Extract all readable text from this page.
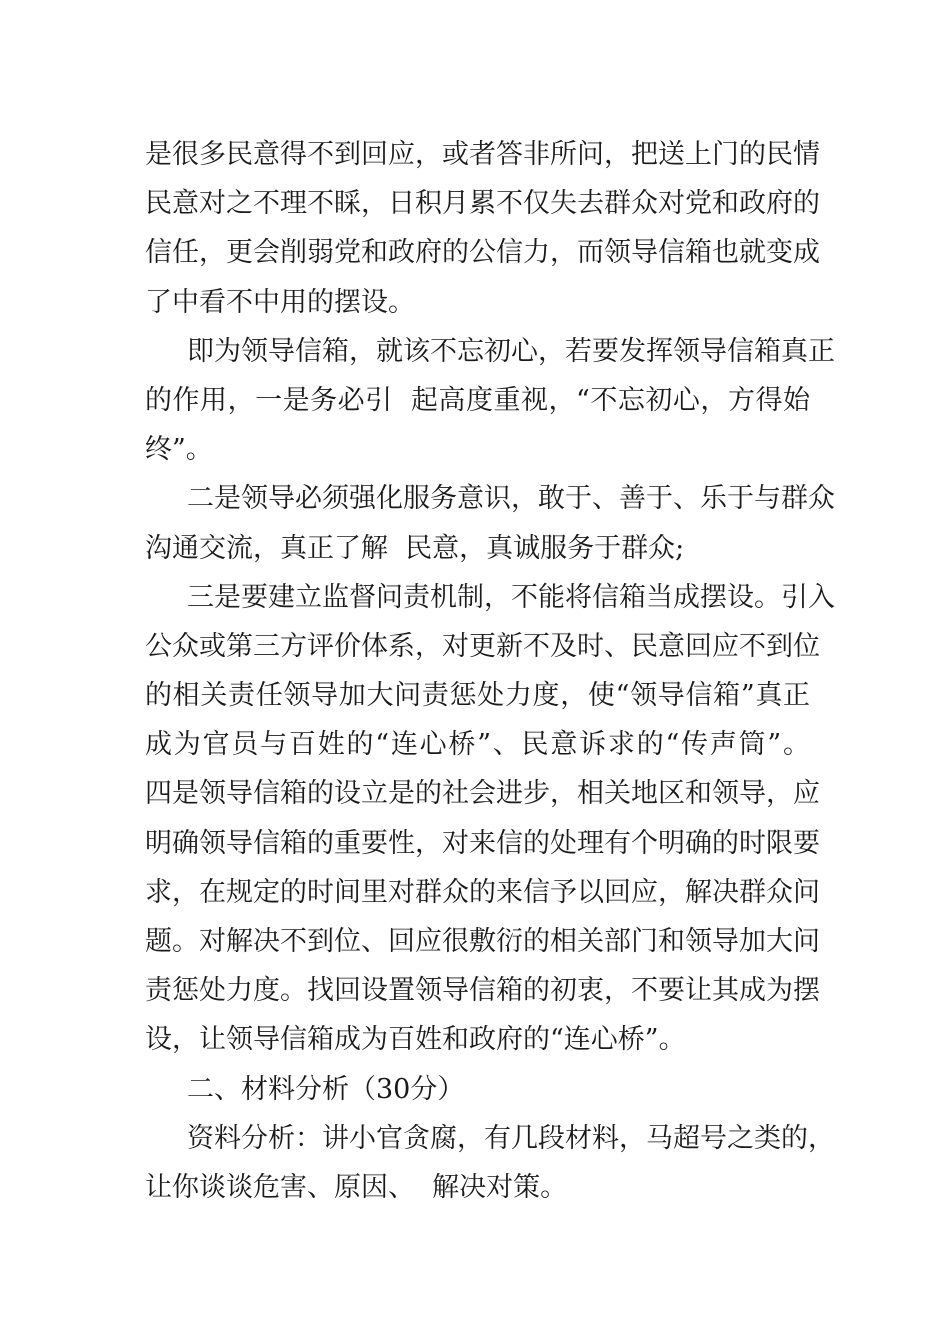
是很多民意得不到回应，或者答非所问，把送上门的民情
民意对之不理不睬，日积月累不仅失去群众对党和政府的
信任，更会削弱党和政府的公信力，而领导信箱也就变成
了中看不中用的摆设。
即为领导信箱，就该不忘初心，若要发挥领导信箱真正
的作用，一是务必引  起高度重视，“不忘初心，方得始
终”。
二是领导必须强化服务意识，敢于、善于、乐于与群众
沟通交流，真正了解  民意，真诚服务于群众;
三是要建立监督问责机制，不能将信箱当成摆设。引入
公众或第三方评价体系，对更新不及时、民意回应不到位
的相关责任领导加大问责惩处力度，使“领导信箱”真正
成为官员与百姓的“连心桥”、民意诉求的“传声筒”。
四是领导信箱的设立是的社会进步，相关地区和领导，应
明确领导信箱的重要性，对来信的处理有个明确的时限要
求，在规定的时间里对群众的来信予以回应，解决群众问
题。对解决不到位、回应很敷衍的相关部门和领导加大问
责惩处力度。找回设置领导信箱的初衷，不要让其成为摆
设，让领导信箱成为百姓和政府的“连心桥”。
二、材料分析（30分）
资料分析：讲小官贪腐，有几段材料，马超号之类的，
让你谈谈危害、原因、  解决对策。
